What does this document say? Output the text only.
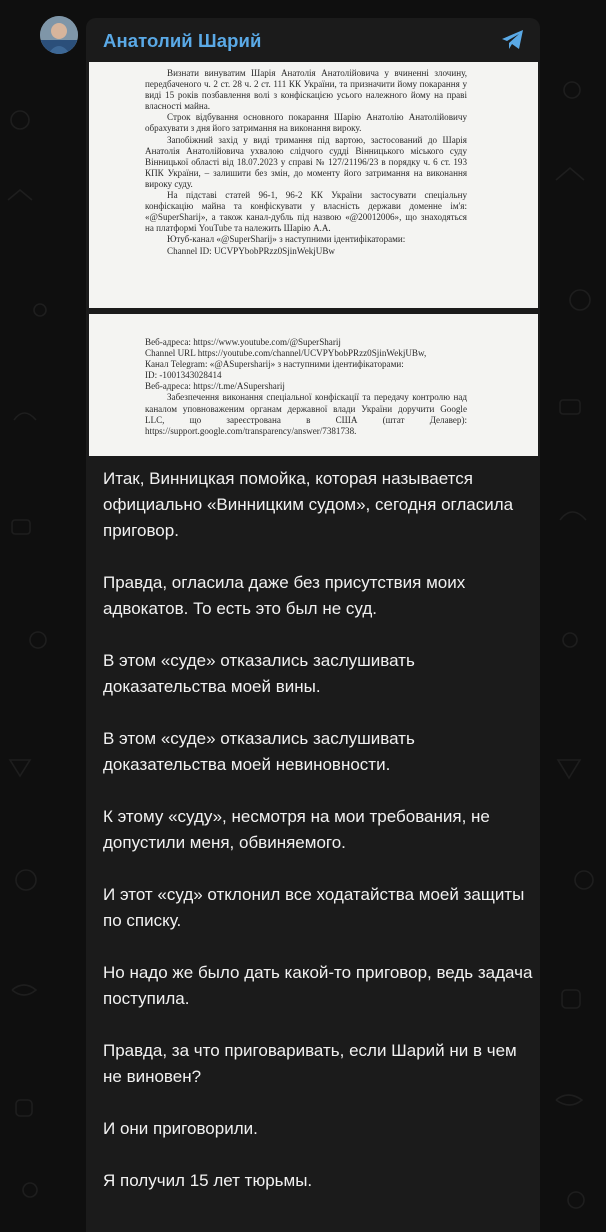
Анатолий Шарий
Визнати винуватим Шарія Анатолія Анатолійовича у вчиненні злочину,
передбаченого ч. 2 ст. 28 ч. 2 ст. 111 КК України, та призначити йому покарання у
виді 15 років позбавлення волі з конфіскацією усього належного йому на праві
власності майна.
Строк відбування основного покарання Шарію Анатолію Анатолійовичу
обрахувати з дня його затримання на виконання вироку.
Запобіжний захід у виді тримання під вартою, застосований до Шарія
Анатолія Анатолійовича ухвалою слідчого судді Вінницького міського суду
Вінницької області від 18.07.2023 у справі № 127/21196/23 в порядку ч. 6 ст. 193
КПК України, – залишити без змін, до моменту його затримання на виконання
вироку суду.
На підставі статей 96-1, 96-2 КК України застосувати спеціальну
конфіскацію майна та конфіскувати у власність держави доменне ім'я:
«@SuperSharij», а також канал-дубль під назвою «@20012006», що знаходяться
на платформі YouTube та належить Шарію А.А.
Ютуб-канал «@SuperSharij» з наступними ідентифікаторами:
Channel ID: UCVPYbobPRzz0SjinWekjUBw
Веб-адреса: https://www.youtube.com/@SuperSharij
Channel URL https://youtube.com/channel/UCVPYbobPRzz0SjinWekjUBw,
Канал Telegram: «@ASupersharij» з наступними ідентифікаторами:
ID: -1001343028414
Веб-адреса: https://t.me/ASupersharij
Забезпечення виконання спеціальної конфіскації та передачу контролю над
каналом уповноваженим органам державної влади України доручити Google
LLC, що зареєстрована в США (штат Делавер):
https://support.google.com/transparency/answer/7381738.

Итак, Винницкая помойка, которая называется официально «Винницким судом», сегодня огласила приговор.

Правда, огласила даже без присутствия моих адвокатов. То есть это был не суд.

В этом «суде» отказались заслушивать доказательства моей вины.

В этом «суде» отказались заслушивать доказательства моей невиновности.

К этому «суду», несмотря на мои требования, не допустили меня, обвиняемого.

И этот «суд» отклонил все ходатайства моей защиты по списку.

Но надо же было дать какой-то приговор, ведь задача поступила.

Правда, за что приговаривать, если Шарий ни в чем не виновен?

И они приговорили.

Я получил 15 лет тюрьмы.
